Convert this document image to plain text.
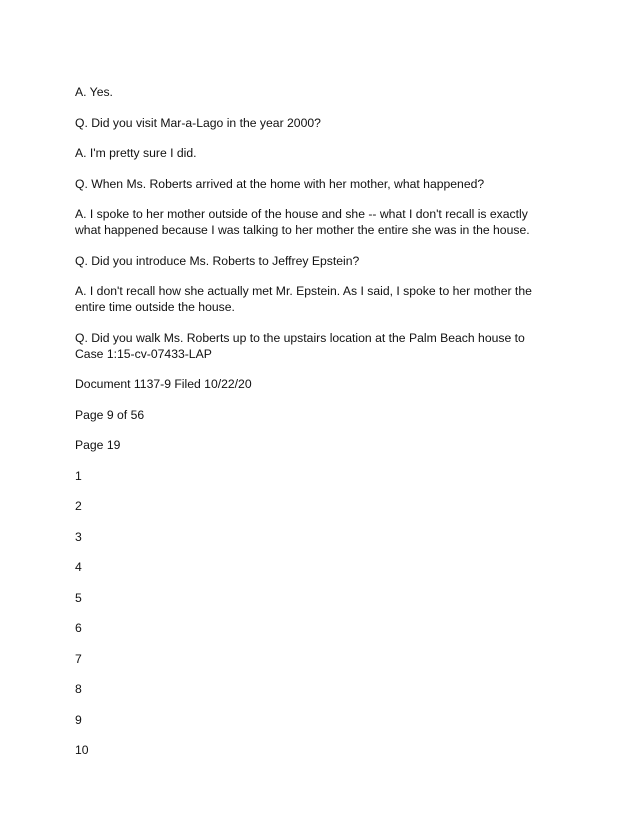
A. Yes.

Q. Did you visit Mar-a-Lago in the year 2000?

A. I'm pretty sure I did.

Q. When Ms. Roberts arrived at the home with her mother, what happened?

A. I spoke to her mother outside of the house and she -- what I don't recall is exactly what happened because I was talking to her mother the entire she was in the house.

Q. Did you introduce Ms. Roberts to Jeffrey Epstein?

A. I don't recall how she actually met Mr. Epstein. As I said, I spoke to her mother the entire time outside the house.

Q. Did you walk Ms. Roberts up to the upstairs location at the Palm Beach house to Case 1:15-cv-07433-LAP

Document 1137-9 Filed 10/22/20

Page 9 of 56

Page 19

1
2
3
4
5
6
7
8
9
10
